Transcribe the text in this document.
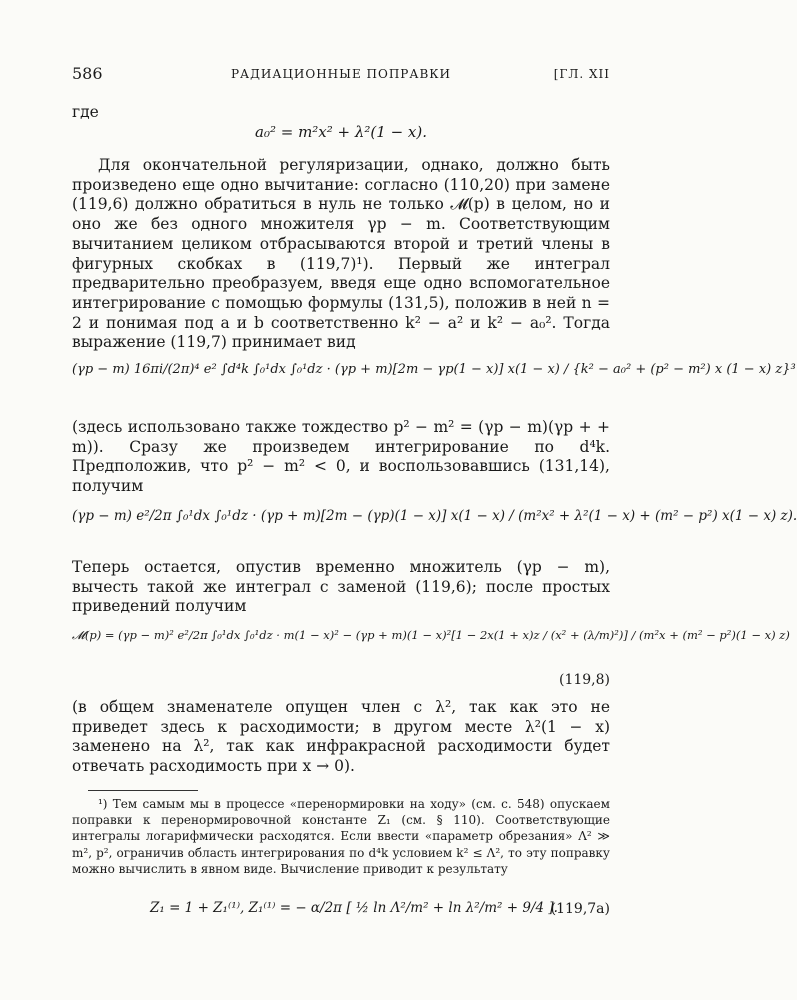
586	РАДИАЦИОННЫЕ ПОПРАВКИ	[ГЛ. XII
где
a₀² = m²x² + λ²(1 − x).
Для окончательной регуляризации, однако, должно быть произведено еще одно вычитание: согласно (110,20) при замене (119,6) должно обратиться в нуль не только 𝓜(p) в целом, но и оно же без одного множителя γp − m. Соответствующим вычитанием целиком отбрасываются второй и третий члены в фигурных скобках в (119,7)¹). Первый же интеграл предварительно преобразуем, введя еще одно вспомогательное интегрирование с помощью формулы (131,5), положив в ней n = 2 и понимая под a и b соответственно k² − a² и k² − a₀². Тогда выражение (119,7) принимает вид
(γp − m) 16πi/(2π)⁴ e² ∫d⁴k ∫₀¹dx ∫₀¹dz · (γp + m)[2m − γp(1 − x)] x(1 − x) / {k² − a₀² + (p² − m²) x (1 − x) z}³
(здесь использовано также тождество p² − m² = (γp − m)(γp + + m)). Сразу же произведем интегрирование по d⁴k. Предположив, что p² − m² < 0, и воспользовавшись (131,14), получим
(γp − m) e²/2π ∫₀¹dx ∫₀¹dz · (γp + m)[2m − (γp)(1 − x)] x(1 − x) / (m²x² + λ²(1 − x) + (m² − p²) x(1 − x) z).
Теперь остается, опустив временно множитель (γp − m), вычесть такой же интеграл с заменой (119,6); после простых приведений получим
𝓜(p) = (γp − m)² e²/2π ∫₀¹dx ∫₀¹dz · m(1 − x)² − (γp + m)(1 − x)²[1 − 2x(1 + x)z / (x² + (λ/m)²)] / (m²x + (m² − p²)(1 − x) z)
(119,8)
(в общем знаменателе опущен член с λ², так как это не приведет здесь к расходимости; в другом месте λ²(1 − x) заменено на λ², так как инфракрасной расходимости будет отвечать расходимость при x → 0).
¹) Тем самым мы в процессе «перенормировки на ходу» (см. с. 548) опускаем поправки к перенормировочной константе Z₁ (см. § 110). Соответствующие интегралы логарифмически расходятся. Если ввести «параметр обрезания» Λ² ≫ m², p², ограничив область интегрирования по d⁴k условием k² ≤ Λ², то эту поправку можно вычислить в явном виде. Вычисление приводит к результату
Z₁ = 1 + Z₁⁽¹⁾, Z₁⁽¹⁾ = − α/2π [ ½ ln Λ²/m² + ln λ²/m² + 9/4 ].
(119,7а)
